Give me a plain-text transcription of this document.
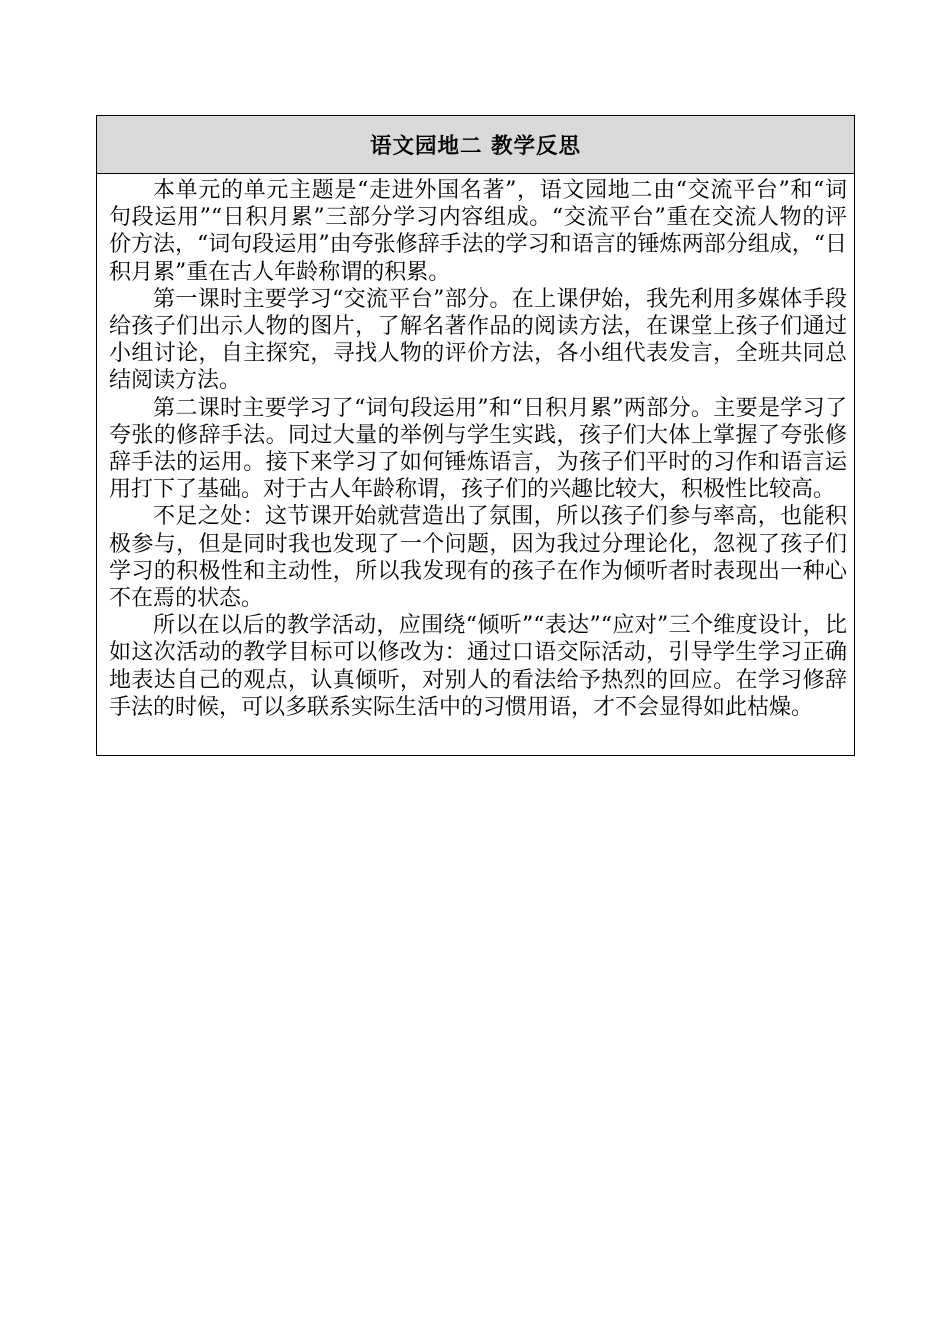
语文园地二 教学反思

本单元的单元主题是“走进外国名著”，语文园地二由“交流平台”和“词句段运用”“日积月累”三部分学习内容组成。“交流平台”重在交流人物的评价方法，“词句段运用”由夸张修辞手法的学习和语言的锤炼两部分组成，“日积月累”重在古人年龄称谓的积累。

第一课时主要学习“交流平台”部分。在上课伊始，我先利用多媒体手段给孩子们出示人物的图片，了解名著作品的阅读方法，在课堂上孩子们通过小组讨论，自主探究，寻找人物的评价方法，各小组代表发言，全班共同总结阅读方法。

第二课时主要学习了“词句段运用”和“日积月累”两部分。主要是学习了夸张的修辞手法。同过大量的举例与学生实践，孩子们大体上掌握了夸张修辞手法的运用。接下来学习了如何锤炼语言，为孩子们平时的习作和语言运用打下了基础。对于古人年龄称谓，孩子们的兴趣比较大，积极性比较高。

不足之处：这节课开始就营造出了氛围，所以孩子们参与率高，也能积极参与，但是同时我也发现了一个问题，因为我过分理论化，忽视了孩子们学习的积极性和主动性，所以我发现有的孩子在作为倾听者时表现出一种心不在焉的状态。

所以在以后的教学活动，应围绕“倾听”“表达”“应对”三个维度设计，比如这次活动的教学目标可以修改为：通过口语交际活动，引导学生学习正确地表达自己的观点，认真倾听，对别人的看法给予热烈的回应。在学习修辞手法的时候，可以多联系实际生活中的习惯用语，才不会显得如此枯燥。
